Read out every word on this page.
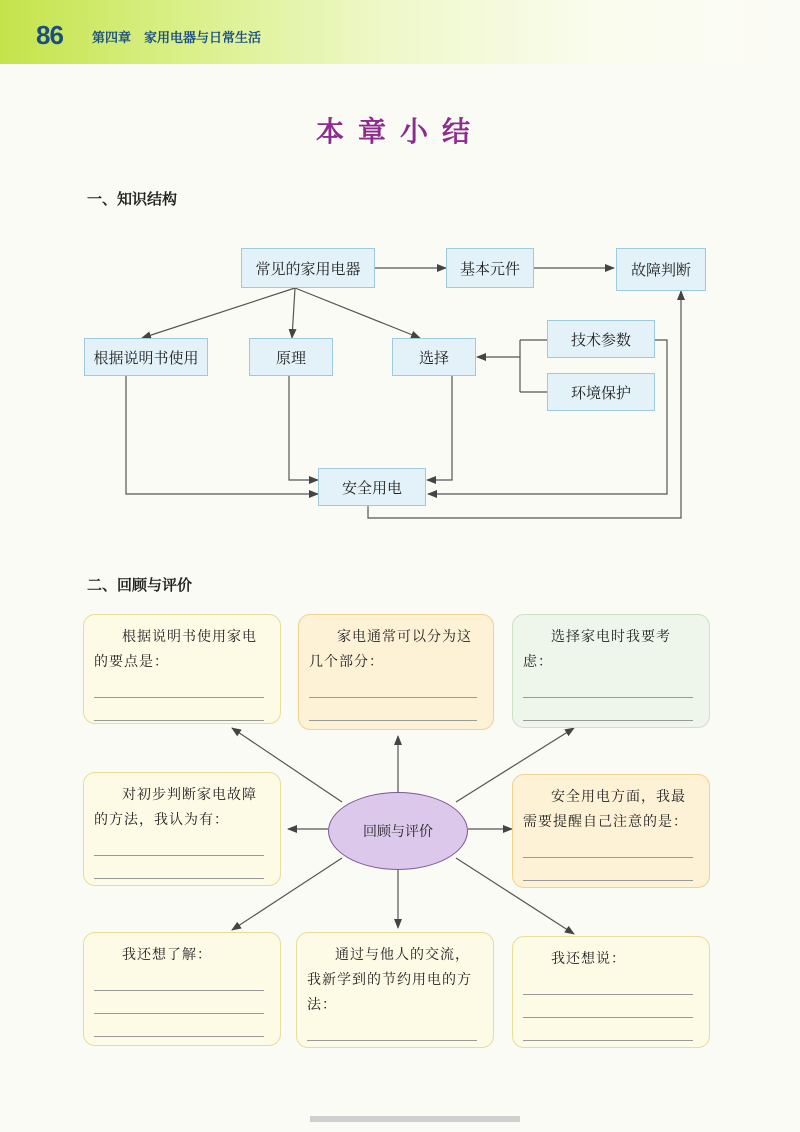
86 第四章 家用电器与日常生活
本章小结
一、知识结构
常见的家用电器	基本元件	故障判断
根据说明书使用	原理	选择
技术参数
环境保护
安全用电
二、回顾与评价
根据说明书使用家电的要点是：
家电通常可以分为这几个部分：
选择家电时我要考虑：
对初步判断家电故障的方法，我认为有：
回顾与评价
安全用电方面，我最需要提醒自己注意的是：
我还想了解：	通过与他人的交流，我新学到的节约用电的方法：
我还想说：
